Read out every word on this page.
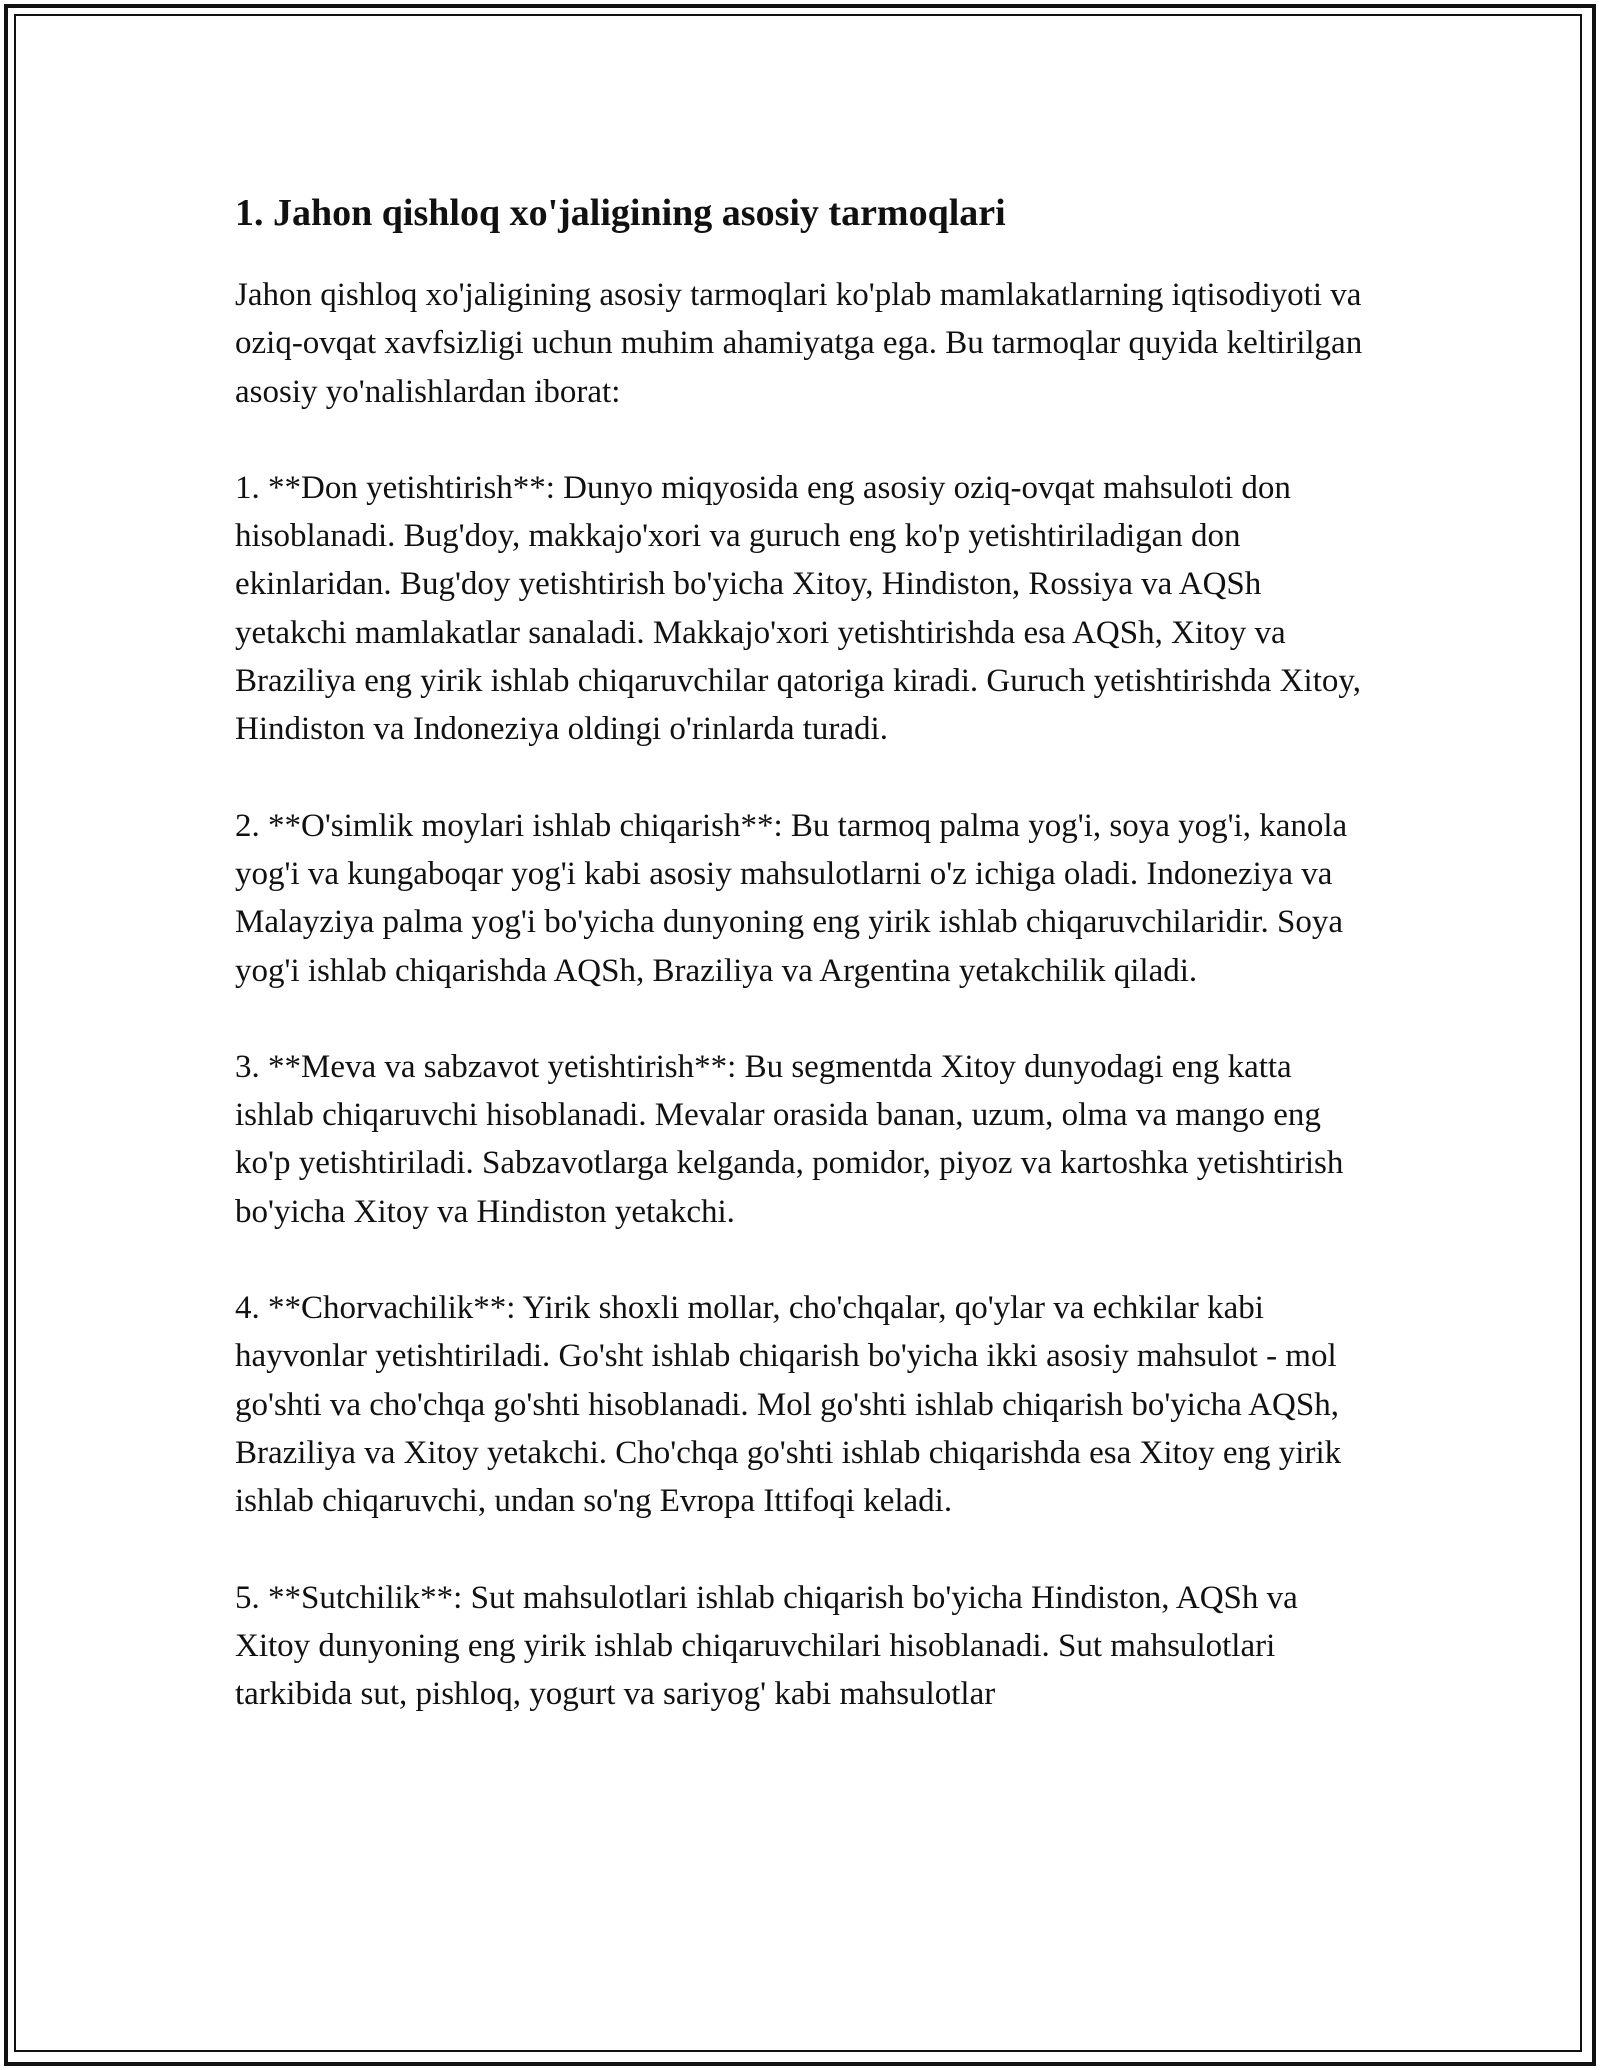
1. Jahon qishloq xo'jaligining asosiy tarmoqlari

Jahon qishloq xo'jaligining asosiy tarmoqlari ko'plab mamlakatlarning iqtisodiyoti va oziq-ovqat xavfsizligi uchun muhim ahamiyatga ega. Bu tarmoqlar quyida keltirilgan asosiy yo'nalishlardan iborat:

1. **Don yetishtirish**: Dunyo miqyosida eng asosiy oziq-ovqat mahsuloti don hisoblanadi. Bug'doy, makkajo'xori va guruch eng ko'p yetishtiriladigan don ekinlaridan. Bug'doy yetishtirish bo'yicha Xitoy, Hindiston, Rossiya va AQSh yetakchi mamlakatlar sanaladi. Makkajo'xori yetishtirishda esa AQSh, Xitoy va Braziliya eng yirik ishlab chiqaruvchilar qatoriga kiradi. Guruch yetishtirishda Xitoy, Hindiston va Indoneziya oldingi o'rinlarda turadi.

2. **O'simlik moylari ishlab chiqarish**: Bu tarmoq palma yog'i, soya yog'i, kanola yog'i va kungaboqar yog'i kabi asosiy mahsulotlarni o'z ichiga oladi. Indoneziya va Malayziya palma yog'i bo'yicha dunyoning eng yirik ishlab chiqaruvchilaridir. Soya yog'i ishlab chiqarishda AQSh, Braziliya va Argentina yetakchilik qiladi.

3. **Meva va sabzavot yetishtirish**: Bu segmentda Xitoy dunyodagi eng katta ishlab chiqaruvchi hisoblanadi. Mevalar orasida banan, uzum, olma va mango eng ko'p yetishtiriladi. Sabzavotlarga kelganda, pomidor, piyoz va kartoshka yetishtirish bo'yicha Xitoy va Hindiston yetakchi.

4. **Chorvachilik**: Yirik shoxli mollar, cho'chqalar, qo'ylar va echkilar kabi hayvonlar yetishtiriladi. Go'sht ishlab chiqarish bo'yicha ikki asosiy mahsulot - mol go'shti va cho'chqa go'shti hisoblanadi. Mol go'shti ishlab chiqarish bo'yicha AQSh, Braziliya va Xitoy yetakchi. Cho'chqa go'shti ishlab chiqarishda esa Xitoy eng yirik ishlab chiqaruvchi, undan so'ng Evropa Ittifoqi keladi.

5. **Sutchilik**: Sut mahsulotlari ishlab chiqarish bo'yicha Hindiston, AQSh va Xitoy dunyoning eng yirik ishlab chiqaruvchilari hisoblanadi. Sut mahsulotlari tarkibida sut, pishloq, yogurt va sariyog' kabi mahsulotlar
